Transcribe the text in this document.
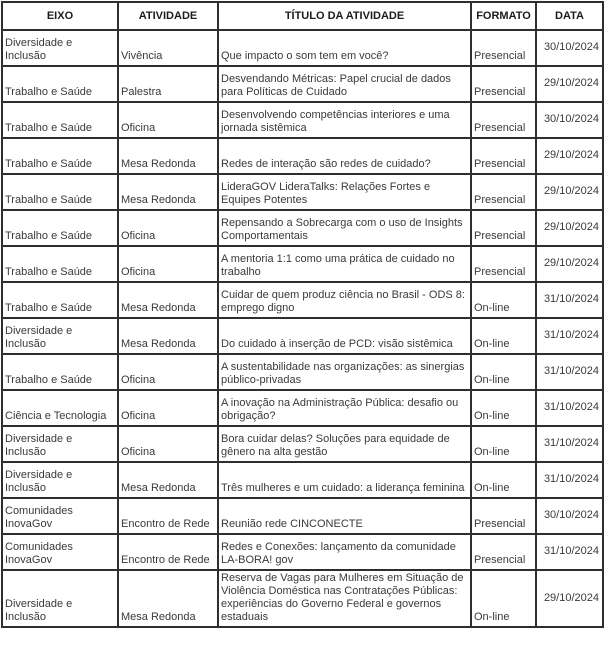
EIXO	ATIVIDADE	TÍTULO DA ATIVIDADE	FORMATO	DATA
Diversidade e Inclusão	Vivência	Que impacto o som tem em você?	Presencial	30/10/2024
Trabalho e Saúde	Palestra	Desvendando Métricas: Papel crucial de dados para Políticas de Cuidado	Presencial	29/10/2024
Trabalho e Saúde	Oficina	Desenvolvendo competências interiores e uma jornada sistêmica	Presencial	30/10/2024
Trabalho e Saúde	Mesa Redonda	Redes de interação são redes de cuidado?	Presencial	29/10/2024
Trabalho e Saúde	Mesa Redonda	LideraGOV LideraTalks: Relações Fortes e Equipes Potentes	Presencial	29/10/2024
Trabalho e Saúde	Oficina	Repensando a Sobrecarga com o uso de Insights Comportamentais	Presencial	29/10/2024
Trabalho e Saúde	Oficina	A mentoria 1:1 como uma prática de cuidado no trabalho	Presencial	29/10/2024
Trabalho e Saúde	Mesa Redonda	Cuidar de quem produz ciência no Brasil - ODS 8: emprego digno	On-line	31/10/2024
Diversidade e Inclusão	Mesa Redonda	Do cuidado à inserção de PCD: visão sistêmica	On-line	31/10/2024
Trabalho e Saúde	Oficina	A sustentabilidade nas organizações: as sinergias público-privadas	On-line	31/10/2024
Ciência e Tecnologia	Oficina	A inovação na Administração Pública: desafio ou obrigação?	On-line	31/10/2024
Diversidade e Inclusão	Oficina	Bora cuidar delas? Soluções para equidade de gênero na alta gestão	On-line	31/10/2024
Diversidade e Inclusão	Mesa Redonda	Três mulheres e um cuidado: a liderança feminina	On-line	31/10/2024
Comunidades InovaGov	Encontro de Rede	Reunião rede CINCONECTE	Presencial	30/10/2024
Comunidades InovaGov	Encontro de Rede	Redes e Conexões: lançamento da comunidade LA-BORA! gov	Presencial	31/10/2024
Diversidade e Inclusão	Mesa Redonda	Reserva de Vagas para Mulheres em Situação de Violência Doméstica nas Contratações Públicas: experiências do Governo Federal e governos estaduais	On-line	29/10/2024
